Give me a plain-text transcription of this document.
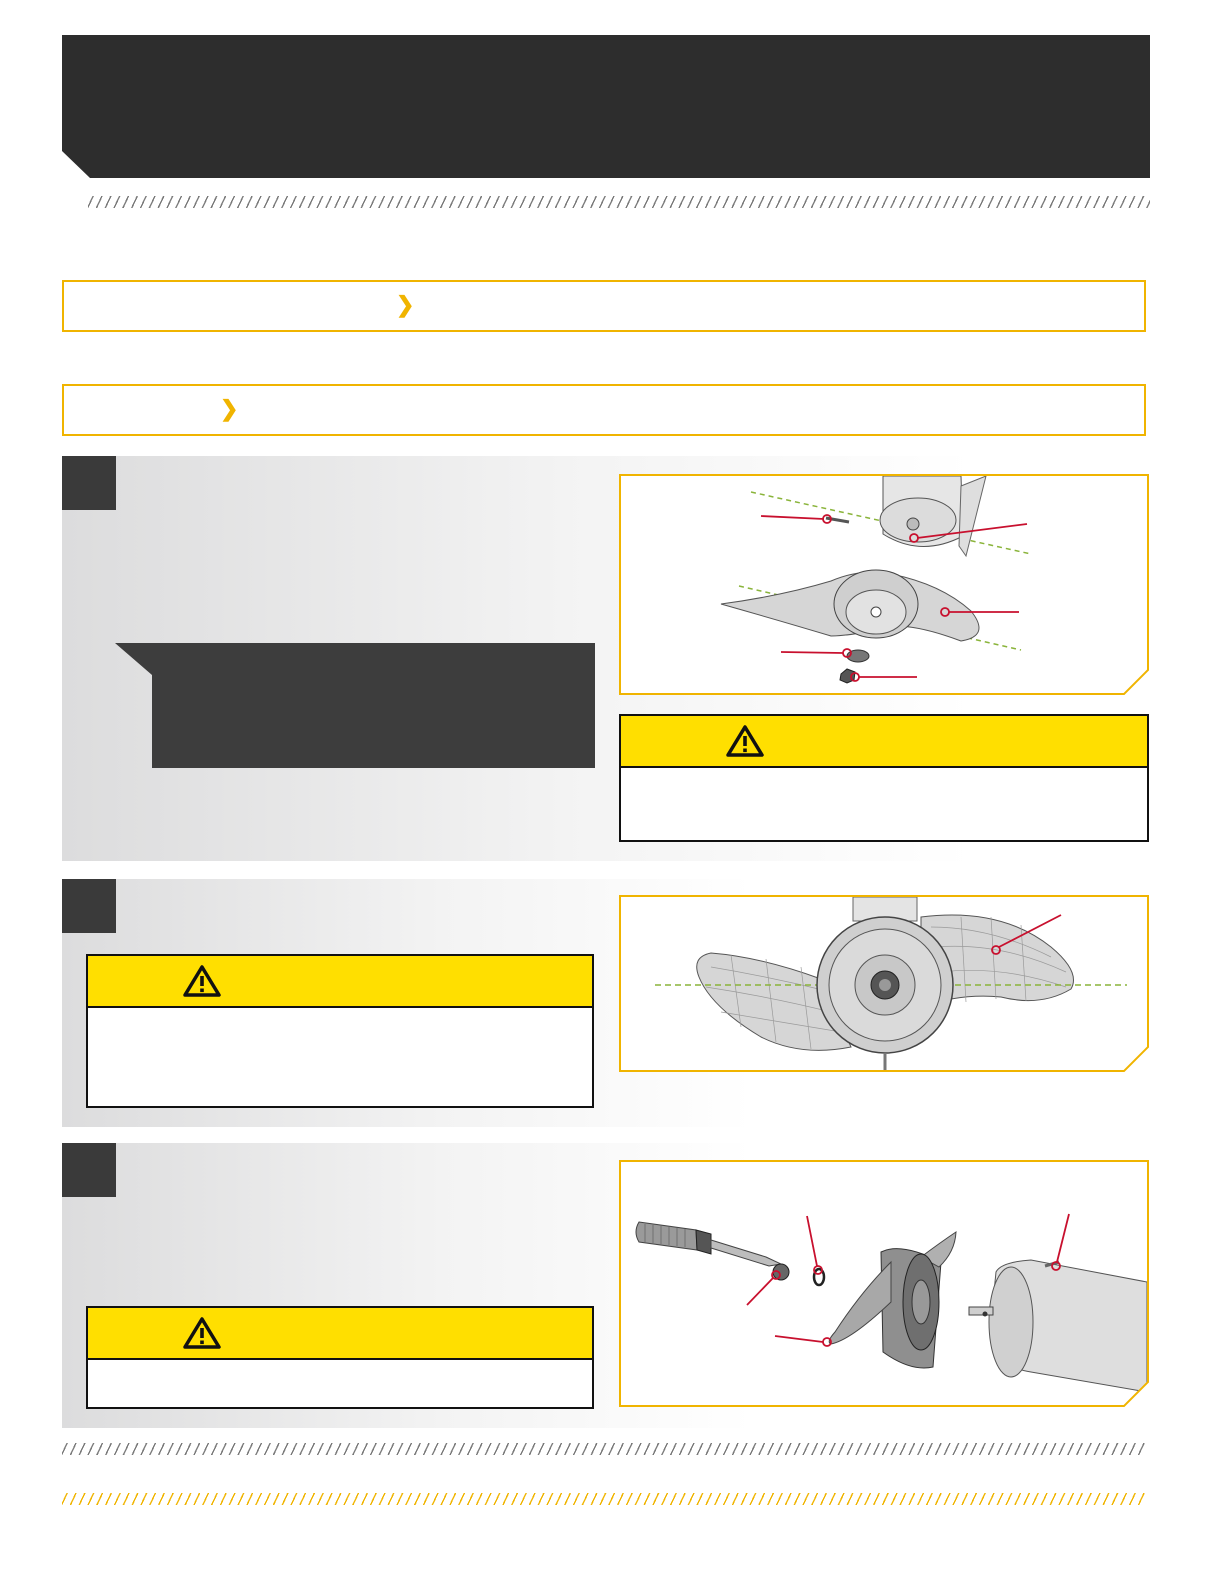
❯
❯
